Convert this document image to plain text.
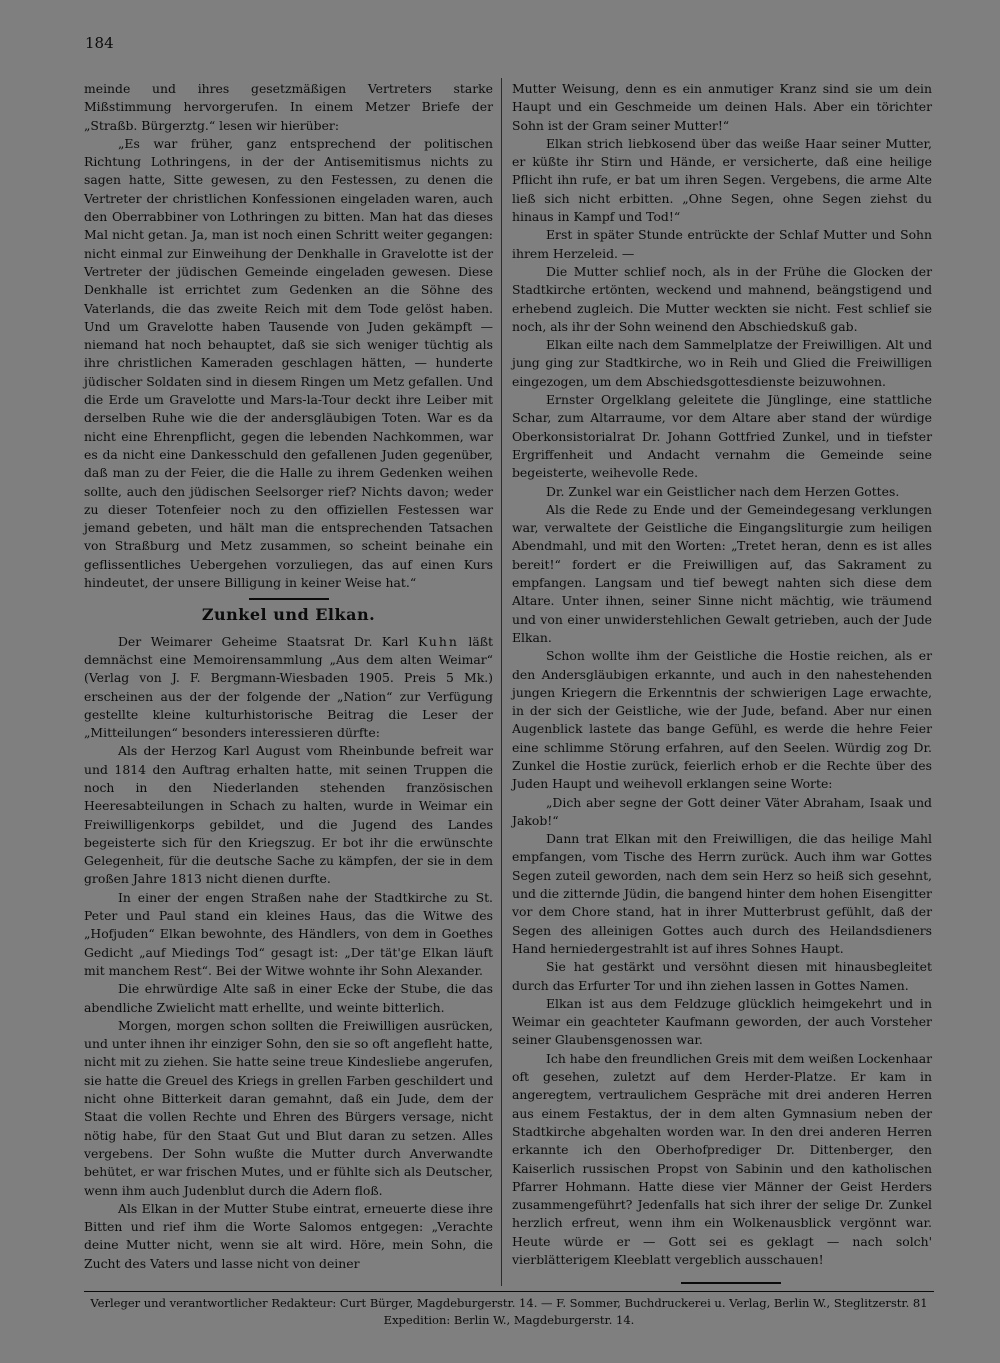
184

meinde und ihres gesetzmäßigen Vertreters starke Mißstimmung hervorgerufen. In einem Metzer Briefe der „Straßb. Bürgerztg.“ lesen wir hierüber:

„Es war früher, ganz entsprechend der politischen Richtung Lothringens, in der der Antisemitismus nichts zu sagen hatte, Sitte gewesen, zu den Festessen, zu denen die Vertreter der christlichen Konfessionen eingeladen waren, auch den Oberrabbiner von Lothringen zu bitten. Man hat das dieses Mal nicht getan. Ja, man ist noch einen Schritt weiter gegangen: nicht einmal zur Einweihung der Denkhalle in Gravelotte ist der Vertreter der jüdischen Gemeinde eingeladen gewesen. Diese Denkhalle ist errichtet zum Gedenken an die Söhne des Vaterlands, die das zweite Reich mit dem Tode gelöst haben. Und um Gravelotte haben Tausende von Juden gekämpft — niemand hat noch behauptet, daß sie sich weniger tüchtig als ihre christlichen Kameraden geschlagen hätten, — hunderte jüdischer Soldaten sind in diesem Ringen um Metz gefallen. Und die Erde um Gravelotte und Mars-la-Tour deckt ihre Leiber mit derselben Ruhe wie die der andersgläubigen Toten. War es da nicht eine Ehrenpflicht, gegen die lebenden Nachkommen, war es da nicht eine Dankesschuld den gefallenen Juden gegenüber, daß man zu der Feier, die die Halle zu ihrem Gedenken weihen sollte, auch den jüdischen Seelsorger rief? Nichts davon; weder zu dieser Totenfeier noch zu den offiziellen Festessen war jemand gebeten, und hält man die entsprechenden Tatsachen von Straßburg und Metz zusammen, so scheint beinahe ein geflissentliches Uebergehen vorzuliegen, das auf einen Kurs hindeutet, der unsere Billigung in keiner Weise hat.“

Zunkel und Elkan.

Der Weimarer Geheime Staatsrat Dr. Karl Kuhn läßt demnächst eine Memoirensammlung „Aus dem alten Weimar“ (Verlag von J. F. Bergmann-Wiesbaden 1905. Preis 5 Mk.) erscheinen aus der der folgende der „Nation“ zur Verfügung gestellte kleine kulturhistorische Beitrag die Leser der „Mitteilungen“ besonders interessieren dürfte:

Als der Herzog Karl August vom Rheinbunde befreit war und 1814 den Auftrag erhalten hatte, mit seinen Truppen die noch in den Niederlanden stehenden französischen Heeresabteilungen in Schach zu halten, wurde in Weimar ein Freiwilligenkorps gebildet, und die Jugend des Landes begeisterte sich für den Kriegszug. Er bot ihr die erwünschte Gelegenheit, für die deutsche Sache zu kämpfen, der sie in dem großen Jahre 1813 nicht dienen durfte.

In einer der engen Straßen nahe der Stadtkirche zu St. Peter und Paul stand ein kleines Haus, das die Witwe des „Hofjuden“ Elkan bewohnte, des Händlers, von dem in Goethes Gedicht „auf Miedings Tod“ gesagt ist: „Der tät'ge Elkan läuft mit manchem Rest“. Bei der Witwe wohnte ihr Sohn Alexander.

Die ehrwürdige Alte saß in einer Ecke der Stube, die das abendliche Zwielicht matt erhellte, und weinte bitterlich.

Morgen, morgen schon sollten die Freiwilligen ausrücken, und unter ihnen ihr einziger Sohn, den sie so oft angefleht hatte, nicht mit zu ziehen. Sie hatte seine treue Kindesliebe angerufen, sie hatte die Greuel des Kriegs in grellen Farben geschildert und nicht ohne Bitterkeit daran gemahnt, daß ein Jude, dem der Staat die vollen Rechte und Ehren des Bürgers versage, nicht nötig habe, für den Staat Gut und Blut daran zu setzen. Alles vergebens. Der Sohn wußte die Mutter durch Anverwandte behütet, er war frischen Mutes, und er fühlte sich als Deutscher, wenn ihm auch Judenblut durch die Adern floß.

Als Elkan in der Mutter Stube eintrat, erneuerte diese ihre Bitten und rief ihm die Worte Salomos entgegen: „Verachte deine Mutter nicht, wenn sie alt wird. Höre, mein Sohn, die Zucht des Vaters und lasse nicht von deiner

Mutter Weisung, denn es ein anmutiger Kranz sind sie um dein Haupt und ein Geschmeide um deinen Hals. Aber ein törichter Sohn ist der Gram seiner Mutter!“

Elkan strich liebkosend über das weiße Haar seiner Mutter, er küßte ihr Stirn und Hände, er versicherte, daß eine heilige Pflicht ihn rufe, er bat um ihren Segen. Vergebens, die arme Alte ließ sich nicht erbitten. „Ohne Segen, ohne Segen ziehst du hinaus in Kampf und Tod!“

Erst in später Stunde entrückte der Schlaf Mutter und Sohn ihrem Herzeleid. —

Die Mutter schlief noch, als in der Frühe die Glocken der Stadtkirche ertönten, weckend und mahnend, beängstigend und erhebend zugleich. Die Mutter weckten sie nicht. Fest schlief sie noch, als ihr der Sohn weinend den Abschiedskuß gab.

Elkan eilte nach dem Sammelplatze der Freiwilligen. Alt und jung ging zur Stadtkirche, wo in Reih und Glied die Freiwilligen eingezogen, um dem Abschiedsgottesdienste beizuwohnen.

Ernster Orgelklang geleitete die Jünglinge, eine stattliche Schar, zum Altarraume, vor dem Altare aber stand der würdige Oberkonsistorialrat Dr. Johann Gottfried Zunkel, und in tiefster Ergriffenheit und Andacht vernahm die Gemeinde seine begeisterte, weihevolle Rede.

Dr. Zunkel war ein Geistlicher nach dem Herzen Gottes.

Als die Rede zu Ende und der Gemeindegesang verklungen war, verwaltete der Geistliche die Eingangsliturgie zum heiligen Abendmahl, und mit den Worten: „Tretet heran, denn es ist alles bereit!“ fordert er die Freiwilligen auf, das Sakrament zu empfangen. Langsam und tief bewegt nahten sich diese dem Altare. Unter ihnen, seiner Sinne nicht mächtig, wie träumend und von einer unwiderstehlichen Gewalt getrieben, auch der Jude Elkan.

Schon wollte ihm der Geistliche die Hostie reichen, als er den Andersgläubigen erkannte, und auch in den nahestehenden jungen Kriegern die Erkenntnis der schwierigen Lage erwachte, in der sich der Geistliche, wie der Jude, befand. Aber nur einen Augenblick lastete das bange Gefühl, es werde die hehre Feier eine schlimme Störung erfahren, auf den Seelen. Würdig zog Dr. Zunkel die Hostie zurück, feierlich erhob er die Rechte über des Juden Haupt und weihevoll erklangen seine Worte:

„Dich aber segne der Gott deiner Väter Abraham, Isaak und Jakob!“

Dann trat Elkan mit den Freiwilligen, die das heilige Mahl empfangen, vom Tische des Herrn zurück. Auch ihm war Gottes Segen zuteil geworden, nach dem sein Herz so heiß sich gesehnt, und die zitternde Jüdin, die bangend hinter dem hohen Eisengitter vor dem Chore stand, hat in ihrer Mutterbrust gefühlt, daß der Segen des alleinigen Gottes auch durch des Heilandsdieners Hand herniedergestrahlt ist auf ihres Sohnes Haupt.

Sie hat gestärkt und versöhnt diesen mit hinausbegleitet durch das Erfurter Tor und ihn ziehen lassen in Gottes Namen.

Elkan ist aus dem Feldzuge glücklich heimgekehrt und in Weimar ein geachteter Kaufmann geworden, der auch Vorsteher seiner Glaubensgenossen war.

Ich habe den freundlichen Greis mit dem weißen Lockenhaar oft gesehen, zuletzt auf dem Herder-Platze. Er kam in angeregtem, vertraulichem Gespräche mit drei anderen Herren aus einem Festaktus, der in dem alten Gymnasium neben der Stadtkirche abgehalten worden war. In den drei anderen Herren erkannte ich den Oberhofprediger Dr. Dittenberger, den Kaiserlich russischen Propst von Sabinin und den katholischen Pfarrer Hohmann. Hatte diese vier Männer der Geist Herders zusammengeführt? Jedenfalls hat sich ihrer der selige Dr. Zunkel herzlich erfreut, wenn ihm ein Wolkenausblick vergönnt war. Heute würde er — Gott sei es geklagt — nach solch' vierblätterigem Kleeblatt vergeblich ausschauen!

Verleger und verantwortlicher Redakteur: Curt Bürger, Magdeburgerstr. 14. — F. Sommer, Buchdruckerei u. Verlag, Berlin W., Steglitzerstr. 81
Expedition: Berlin W., Magdeburgerstr. 14.
